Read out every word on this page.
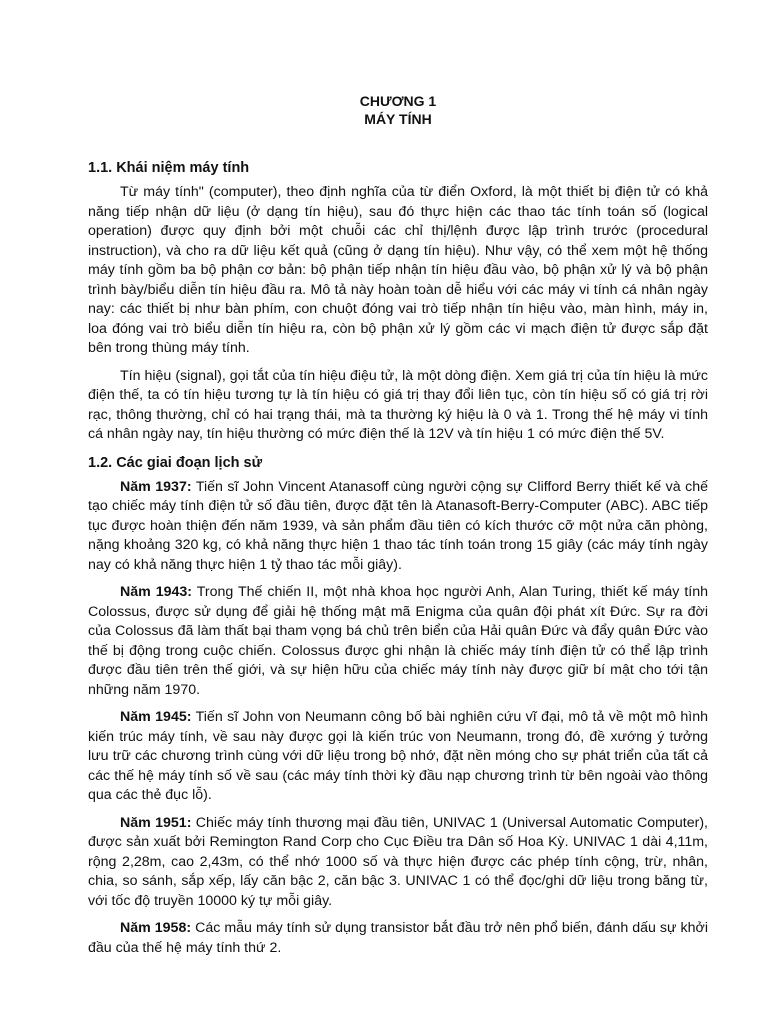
CHƯƠNG 1
MÁY TÍNH
1.1. Khái niệm máy tính

Từ máy tính" (computer), theo định nghĩa của từ điển Oxford, là một thiết bị điện tử có khả năng tiếp nhận dữ liệu (ở dạng tín hiệu), sau đó thực hiện các thao tác tính toán số (logical operation) được quy định bởi một chuỗi các chỉ thị/lệnh được lập trình trước (procedural instruction), và cho ra dữ liệu kết quả (cũng ở dạng tín hiệu). Như vậy, có thể xem một hệ thống máy tính gồm ba bộ phận cơ bản: bộ phận tiếp nhận tín hiệu đầu vào, bộ phận xử lý và bộ phận trình bày/biểu diễn tín hiệu đầu ra. Mô tả này hoàn toàn dễ hiểu với các máy vi tính cá nhân ngày nay: các thiết bị như bàn phím, con chuột đóng vai trò tiếp nhận tín hiệu vào, màn hình, máy in, loa đóng vai trò biểu diễn tín hiệu ra, còn bộ phận xử lý gồm các vi mạch điện tử được sắp đặt bên trong thùng máy tính.

Tín hiệu (signal), gọi tắt của tín hiệu điệu tử, là một dòng điện. Xem giá trị của tín hiệu là mức điện thế, ta có tín hiệu tương tự là tín hiệu có giá trị thay đổi liên tục, còn tín hiệu số có giá trị rời rạc, thông thường, chỉ có hai trạng thái, mà ta thường ký hiệu là 0 và 1. Trong thế hệ máy vi tính cá nhân ngày nay, tín hiệu thường có mức điện thế là 12V và tín hiệu 1 có mức điện thế 5V.

1.2. Các giai đoạn lịch sử

Năm 1937: Tiến sĩ John Vincent Atanasoff cùng người cộng sự Clifford Berry thiết kế và chế tạo chiếc máy tính điện tử số đầu tiên, được đặt tên là Atanasoft-Berry-Computer (ABC). ABC tiếp tục được hoàn thiện đến năm 1939, và sản phẩm đầu tiên có kích thước cỡ một nửa căn phòng, nặng khoảng 320 kg, có khả năng thực hiện 1 thao tác tính toán trong 15 giây (các máy tính ngày nay có khả năng thực hiện 1 tỷ thao tác mỗi giây).

Năm 1943: Trong Thế chiến II, một nhà khoa học người Anh, Alan Turing, thiết kế máy tính Colossus, được sử dụng để giải hệ thống mật mã Enigma của quân đội phát xít Đức. Sự ra đời của Colossus đã làm thất bại tham vọng bá chủ trên biển của Hải quân Đức và đẩy quân Đức vào thế bị động trong cuộc chiến. Colossus được ghi nhận là chiếc máy tính điện tử có thể lập trình được đầu tiên trên thế giới, và sự hiện hữu của chiếc máy tính này được giữ bí mật cho tới tận những năm 1970.

Năm 1945: Tiến sĩ John von Neumann công bố bài nghiên cứu vĩ đại, mô tả về một mô hình kiến trúc máy tính, về sau này được gọi là kiến trúc von Neumann, trong đó, đề xướng ý tưởng lưu trữ các chương trình cùng với dữ liệu trong bộ nhớ, đặt nền móng cho sự phát triển của tất cả các thế hệ máy tính số về sau (các máy tính thời kỳ đầu nạp chương trình từ bên ngoài vào thông qua các thẻ đục lỗ).

Năm 1951: Chiếc máy tính thương mại đầu tiên, UNIVAC 1 (Universal Automatic Computer), được sản xuất bởi Remington Rand Corp cho Cục Điều tra Dân số Hoa Kỳ. UNIVAC 1 dài 4,11m, rộng 2,28m, cao 2,43m, có thể nhớ 1000 số và thực hiện được các phép tính cộng, trừ, nhân, chia, so sánh, sắp xếp, lấy căn bậc 2, căn bậc 3. UNIVAC 1 có thể đọc/ghi dữ liệu trong băng từ, với tốc độ truyền 10000 ký tự mỗi giây.

Năm 1958: Các mẫu máy tính sử dụng transistor bắt đầu trở nên phổ biến, đánh dấu sự khởi đầu của thế hệ máy tính thứ 2.
